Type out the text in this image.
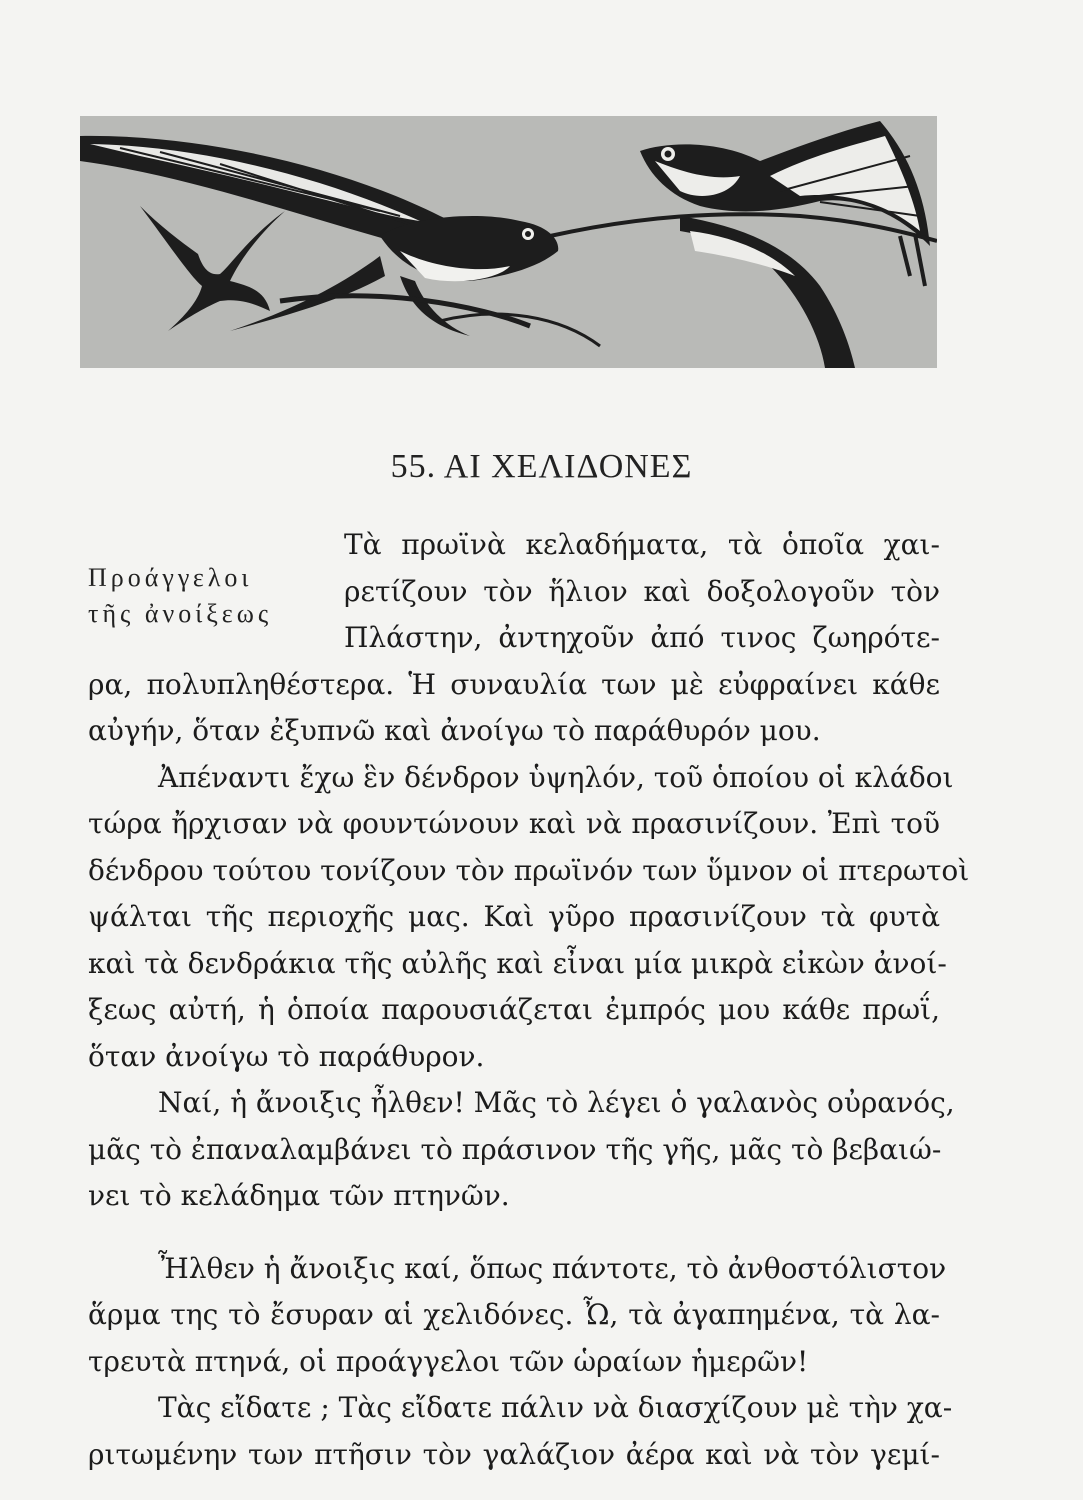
55. ΑΙ ΧΕΛΙΔΟΝΕΣ
Προάγγελοι
τῆς ἀνοίξεως
Τὰ πρωϊνὰ κελαδήματα, τὰ ὁποῖα χαι-
ρετίζουν τὸν ἥλιον καὶ δοξολογοῦν τὸν
Πλάστην, ἀντηχοῦν ἀπό τινος ζωηρότε-
ρα, πολυπληθέστερα. Ἡ συναυλία των μὲ εὐφραίνει κάθε
αὐγήν, ὅταν ἐξυπνῶ καὶ ἀνοίγω τὸ παράθυρόν μου.
Ἀπέναντι ἔχω ἓν δένδρον ὑψηλόν, τοῦ ὁποίου οἱ κλάδοι
τώρα ἤρχισαν νὰ φουντώνουν καὶ νὰ πρασινίζουν. Ἐπὶ τοῦ
δένδρου τούτου τονίζουν τὸν πρωϊνόν των ὕμνον οἱ πτερωτοὶ
ψάλται τῆς περιοχῆς μας. Καὶ γῦρο πρασινίζουν τὰ φυτὰ
καὶ τὰ δενδράκια τῆς αὐλῆς καὶ εἶναι μία μικρὰ εἰκὼν ἀνοί-
ξεως αὐτή, ἡ ὁποία παρουσιάζεται ἐμπρός μου κάθε πρωΐ,
ὅταν ἀνοίγω τὸ παράθυρον.
Ναί, ἡ ἄνοιξις ἦλθεν! Μᾶς τὸ λέγει ὁ γαλανὸς οὐρανός,
μᾶς τὸ ἐπαναλαμβάνει τὸ πράσινον τῆς γῆς, μᾶς τὸ βεβαιώ-
νει τὸ κελάδημα τῶν πτηνῶν.
Ἦλθεν ἡ ἄνοιξις καί, ὅπως πάντοτε, τὸ ἀνθοστόλιστον
ἅρμα της τὸ ἔσυραν αἱ χελιδόνες. Ὦ, τὰ ἀγαπημένα, τὰ λα-
τρευτὰ πτηνά, οἱ προάγγελοι τῶν ὡραίων ἡμερῶν!
Τὰς εἴδατε ; Τὰς εἴδατε πάλιν νὰ διασχίζουν μὲ τὴν χα-
ριτωμένην των πτῆσιν τὸν γαλάζιον ἀέρα καὶ νὰ τὸν γεμί-
